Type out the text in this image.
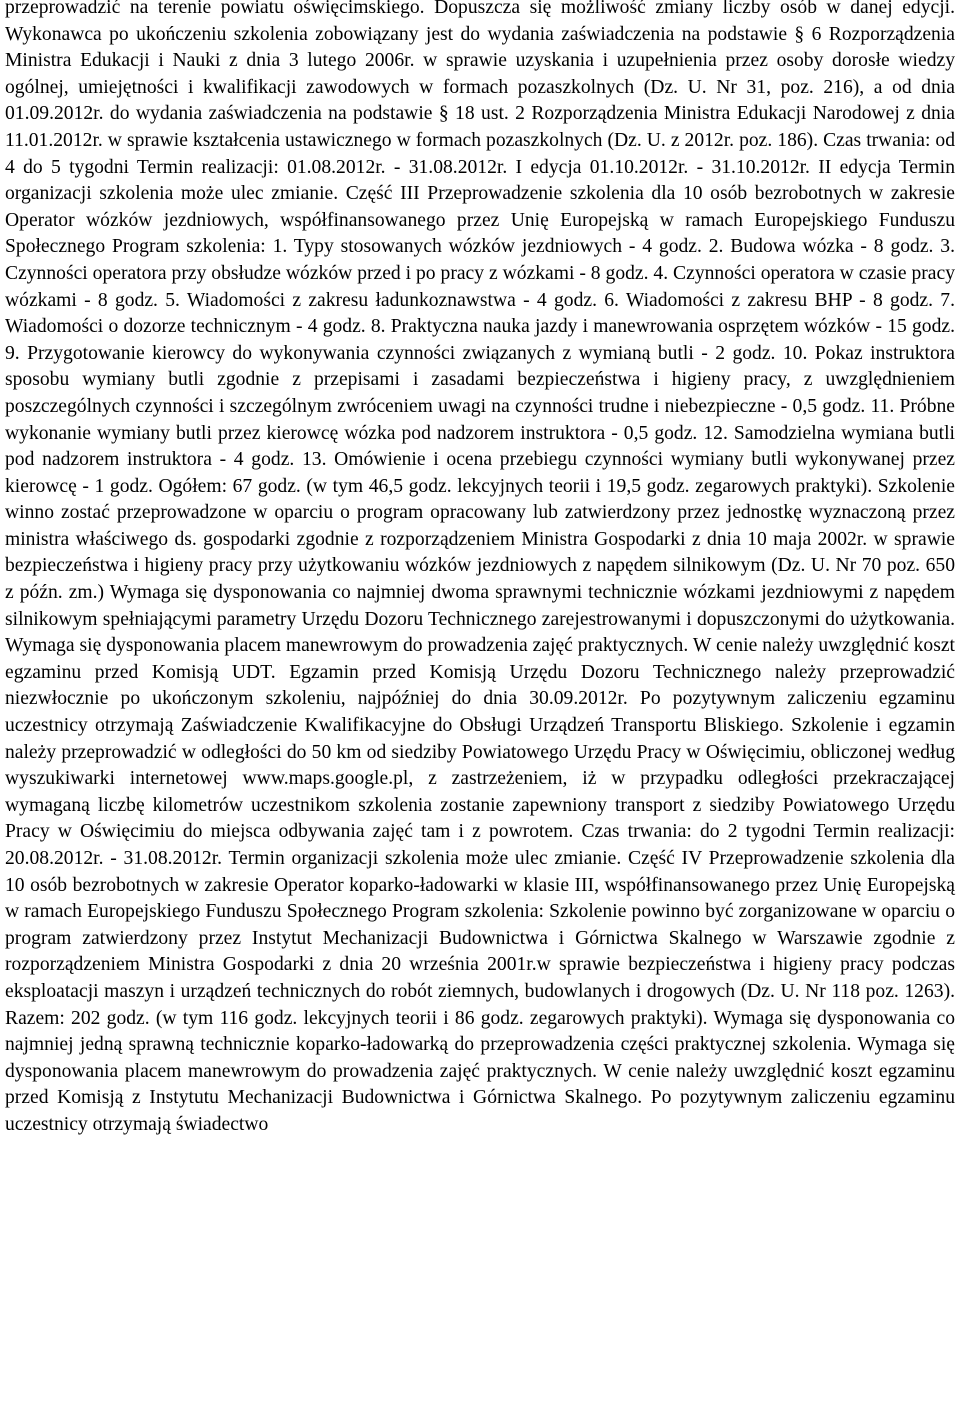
przeprowadzić na terenie powiatu oświęcimskiego. Dopuszcza się możliwość zmiany liczby osób w danej edycji. Wykonawca po ukończeniu szkolenia zobowiązany jest do wydania zaświadczenia na podstawie § 6 Rozporządzenia Ministra Edukacji i Nauki z dnia 3 lutego 2006r. w sprawie uzyskania i uzupełnienia przez osoby dorosłe wiedzy ogólnej, umiejętności i kwalifikacji zawodowych w formach pozaszkolnych (Dz. U. Nr 31, poz. 216), a od dnia 01.09.2012r. do wydania zaświadczenia na podstawie § 18 ust. 2 Rozporządzenia Ministra Edukacji Narodowej z dnia 11.01.2012r. w sprawie kształcenia ustawicznego w formach pozaszkolnych (Dz. U. z 2012r. poz. 186). Czas trwania: od 4 do 5 tygodni Termin realizacji: 01.08.2012r. - 31.08.2012r. I edycja 01.10.2012r. - 31.10.2012r. II edycja Termin organizacji szkolenia może ulec zmianie. Część III Przeprowadzenie szkolenia dla 10 osób bezrobotnych w zakresie Operator wózków jezdniowych, współfinansowanego przez Unię Europejską w ramach Europejskiego Funduszu Społecznego Program szkolenia: 1. Typy stosowanych wózków jezdniowych - 4 godz. 2. Budowa wózka - 8 godz. 3. Czynności operatora przy obsłudze wózków przed i po pracy z wózkami - 8 godz. 4. Czynności operatora w czasie pracy wózkami - 8 godz. 5. Wiadomości z zakresu ładunkoznawstwa - 4 godz. 6. Wiadomości z zakresu BHP - 8 godz. 7. Wiadomości o dozorze technicznym - 4 godz. 8. Praktyczna nauka jazdy i manewrowania osprzętem wózków - 15 godz. 9. Przygotowanie kierowcy do wykonywania czynności związanych z wymianą butli - 2 godz. 10. Pokaz instruktora sposobu wymiany butli zgodnie z przepisami i zasadami bezpieczeństwa i higieny pracy, z uwzględnieniem poszczególnych czynności i szczególnym zwróceniem uwagi na czynności trudne i niebezpieczne - 0,5 godz. 11. Próbne wykonanie wymiany butli przez kierowcę wózka pod nadzorem instruktora - 0,5 godz. 12. Samodzielna wymiana butli pod nadzorem instruktora - 4 godz. 13. Omówienie i ocena przebiegu czynności wymiany butli wykonywanej przez kierowcę - 1 godz. Ogółem: 67 godz. (w tym 46,5 godz. lekcyjnych teorii i 19,5 godz. zegarowych praktyki). Szkolenie winno zostać przeprowadzone w oparciu o program opracowany lub zatwierdzony przez jednostkę wyznaczoną przez ministra właściwego ds. gospodarki zgodnie z rozporządzeniem Ministra Gospodarki z dnia 10 maja 2002r. w sprawie bezpieczeństwa i higieny pracy przy użytkowaniu wózków jezdniowych z napędem silnikowym (Dz. U. Nr 70 poz. 650 z późn. zm.) Wymaga się dysponowania co najmniej dwoma sprawnymi technicznie wózkami jezdniowymi z napędem silnikowym spełniającymi parametry Urzędu Dozoru Technicznego zarejestrowanymi i dopuszczonymi do użytkowania. Wymaga się dysponowania placem manewrowym do prowadzenia zajęć praktycznych. W cenie należy uwzględnić koszt egzaminu przed Komisją UDT. Egzamin przed Komisją Urzędu Dozoru Technicznego należy przeprowadzić niezwłocznie po ukończonym szkoleniu, najpóźniej do dnia 30.09.2012r. Po pozytywnym zaliczeniu egzaminu uczestnicy otrzymają Zaświadczenie Kwalifikacyjne do Obsługi Urządzeń Transportu Bliskiego. Szkolenie i egzamin należy przeprowadzić w odległości do 50 km od siedziby Powiatowego Urzędu Pracy w Oświęcimiu, obliczonej według wyszukiwarki internetowej www.maps.google.pl, z zastrzeżeniem, iż w przypadku odległości przekraczającej wymaganą liczbę kilometrów uczestnikom szkolenia zostanie zapewniony transport z siedziby Powiatowego Urzędu Pracy w Oświęcimiu do miejsca odbywania zajęć tam i z powrotem. Czas trwania: do 2 tygodni Termin realizacji: 20.08.2012r. - 31.08.2012r. Termin organizacji szkolenia może ulec zmianie. Część IV Przeprowadzenie szkolenia dla 10 osób bezrobotnych w zakresie Operator koparko-ładowarki w klasie III, współfinansowanego przez Unię Europejską w ramach Europejskiego Funduszu Społecznego Program szkolenia: Szkolenie powinno być zorganizowane w oparciu o program zatwierdzony przez Instytut Mechanizacji Budownictwa i Górnictwa Skalnego w Warszawie zgodnie z rozporządzeniem Ministra Gospodarki z dnia 20 września 2001r.w sprawie bezpieczeństwa i higieny pracy podczas eksploatacji maszyn i urządzeń technicznych do robót ziemnych, budowlanych i drogowych (Dz. U. Nr 118 poz. 1263). Razem: 202 godz. (w tym 116 godz. lekcyjnych teorii i 86 godz. zegarowych praktyki). Wymaga się dysponowania co najmniej jedną sprawną technicznie koparko-ładowarką do przeprowadzenia części praktycznej szkolenia. Wymaga się dysponowania placem manewrowym do prowadzenia zajęć praktycznych. W cenie należy uwzględnić koszt egzaminu przed Komisją z Instytutu Mechanizacji Budownictwa i Górnictwa Skalnego. Po pozytywnym zaliczeniu egzaminu uczestnicy otrzymają świadectwo
